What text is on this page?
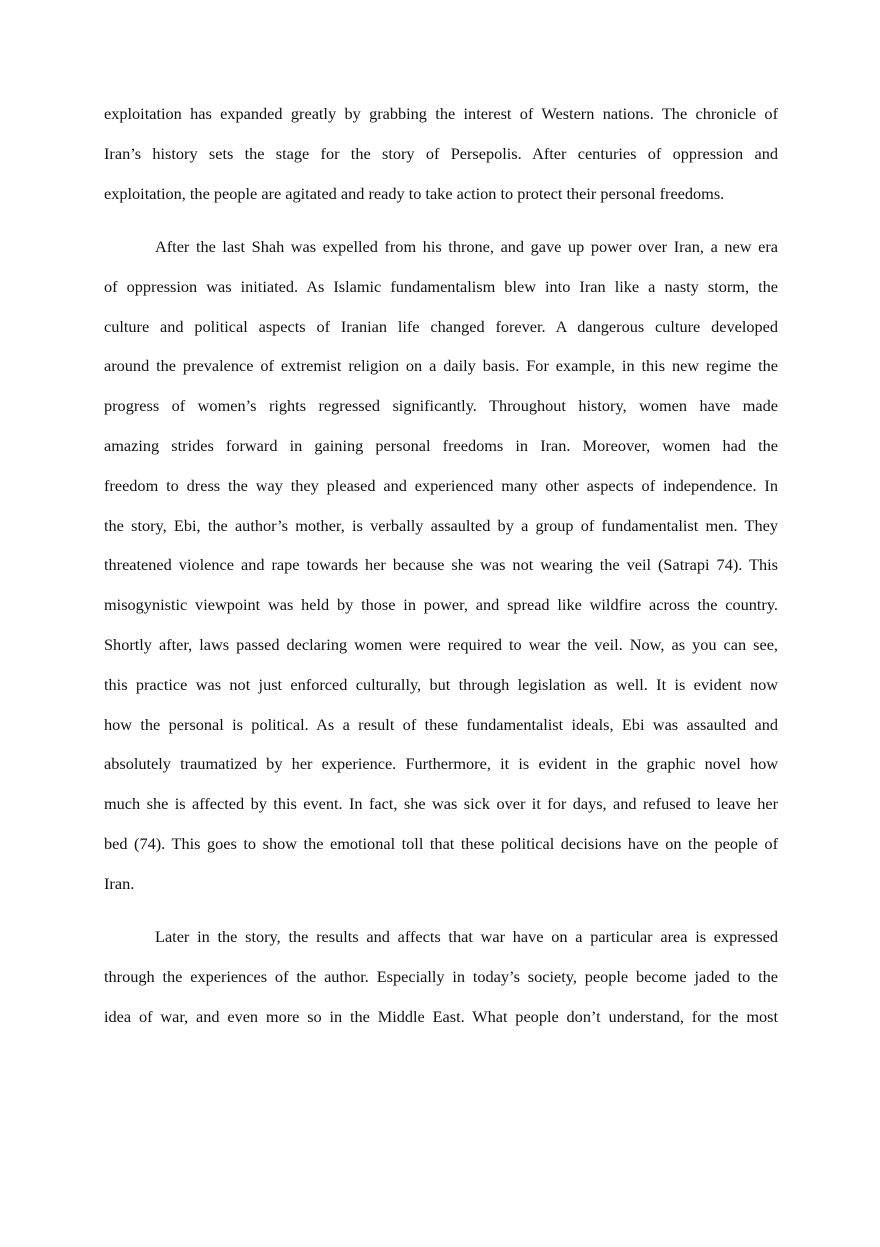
exploitation has expanded greatly by grabbing the interest of Western nations. The chronicle of
Iran’s history sets the stage for the story of Persepolis. After centuries of oppression and
exploitation, the people are agitated and ready to take action to protect their personal freedoms.
After the last Shah was expelled from his throne, and gave up power over Iran, a new era
of oppression was initiated. As Islamic fundamentalism blew into Iran like a nasty storm, the
culture and political aspects of Iranian life changed forever. A dangerous culture developed
around the prevalence of extremist religion on a daily basis. For example, in this new regime the
progress of women’s rights regressed significantly. Throughout history, women have made
amazing strides forward in gaining personal freedoms in Iran. Moreover, women had the
freedom to dress the way they pleased and experienced many other aspects of independence. In
the story, Ebi, the author’s mother, is verbally assaulted by a group of fundamentalist men. They
threatened violence and rape towards her because she was not wearing the veil (Satrapi 74). This
misogynistic viewpoint was held by those in power, and spread like wildfire across the country.
Shortly after, laws passed declaring women were required to wear the veil. Now, as you can see,
this practice was not just enforced culturally, but through legislation as well. It is evident now
how the personal is political. As a result of these fundamentalist ideals, Ebi was assaulted and
absolutely traumatized by her experience. Furthermore, it is evident in the graphic novel how
much she is affected by this event. In fact, she was sick over it for days, and refused to leave her
bed (74). This goes to show the emotional toll that these political decisions have on the people of
Iran.
Later in the story, the results and affects that war have on a particular area is expressed
through the experiences of the author. Especially in today’s society, people become jaded to the
idea of war, and even more so in the Middle East. What people don’t understand, for the most
